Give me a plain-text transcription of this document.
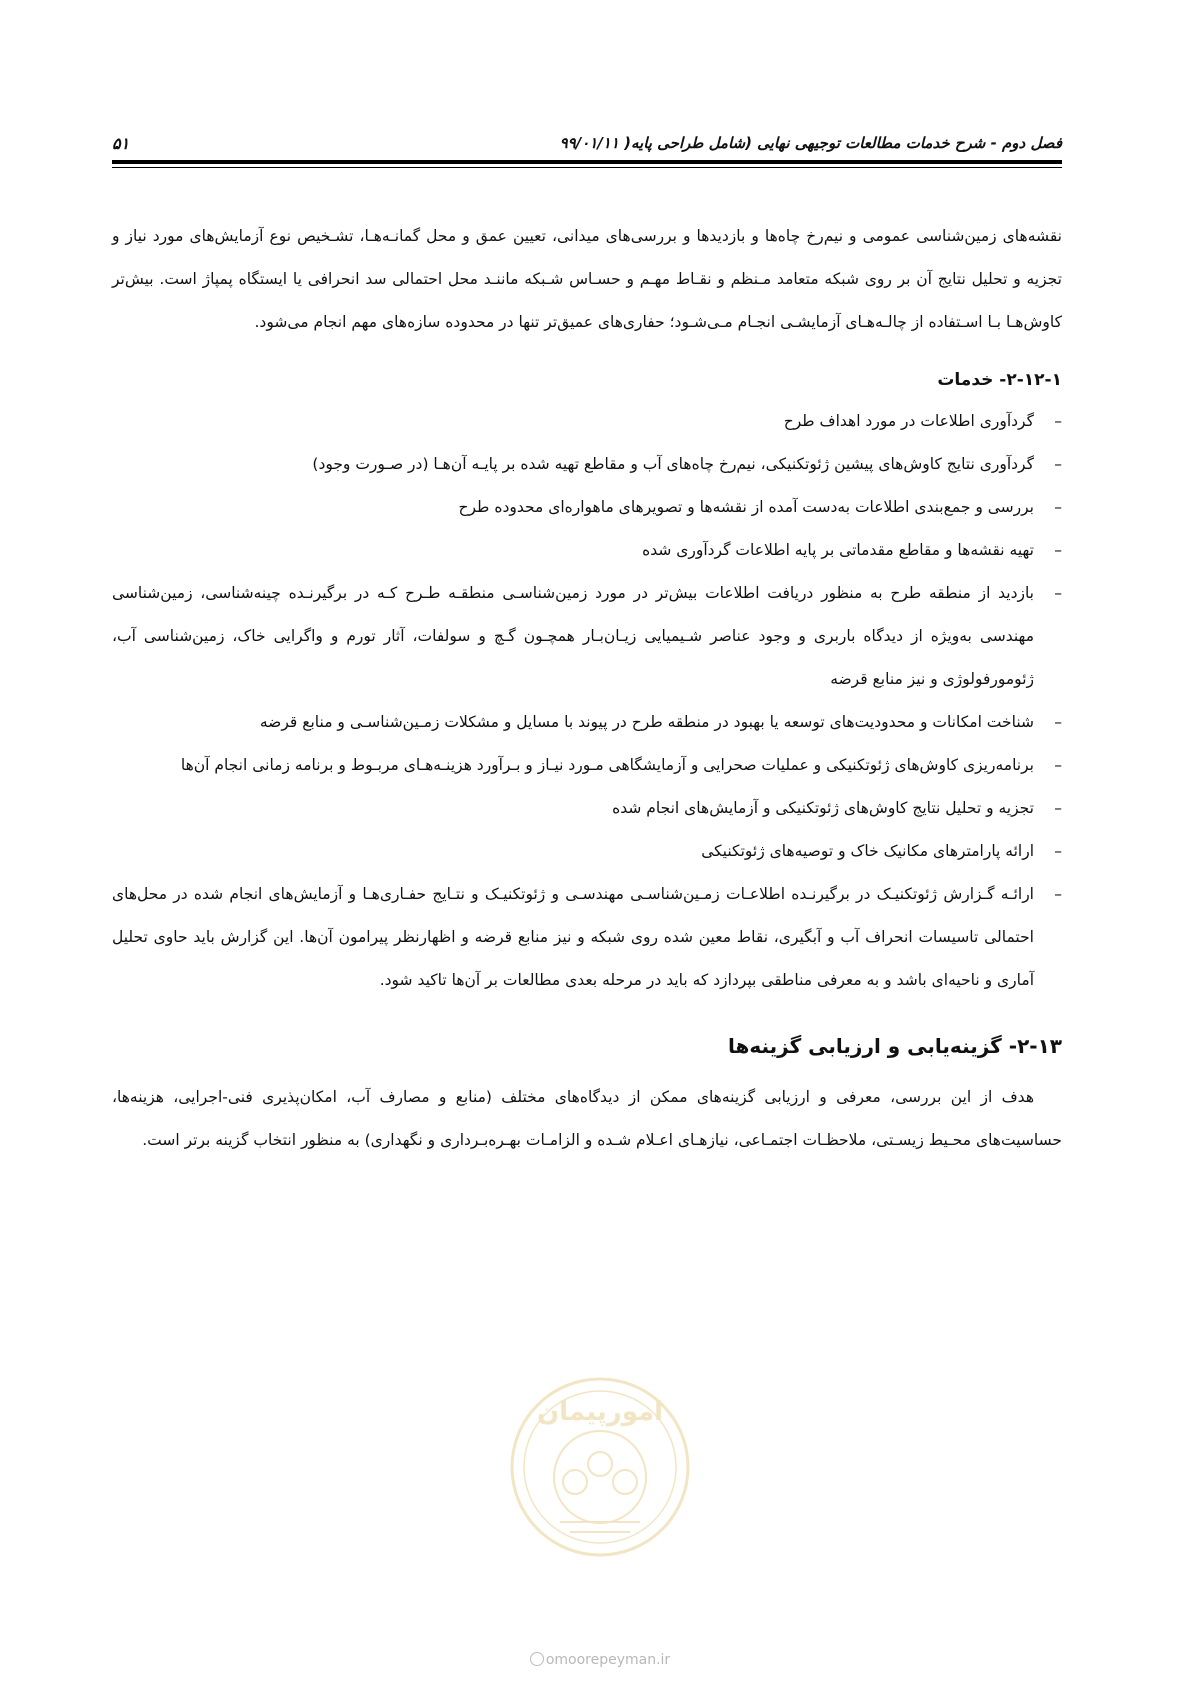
فصل دوم - شرح خدمات مطالعات توجیهی نهایی (شامل طراحی پایه( ۹۹/۰۱/۱۱
۵۱

نقشه‌های زمین‌شناسی عمومی و نیم‌رخ چاه‌ها و بازدیدها و بررسی‌های میدانی، تعیین عمق و محل گمانـه‌هـا، تشـخیص نوع آزمایش‌های مورد نیاز و تجزیه و تحلیل نتایج آن بر روی شبکه متعامد مـنظم و نقـاط مهـم و حسـاس شـبکه ماننـد محل احتمالی سد انحرافی یا ایستگاه پمپاژ است. بیش‌تر کاوش‌هـا بـا اسـتفاده از چالـه‌هـای آزمایشـی انجـام مـی‌شـود؛ حفاری‌های عمیق‌تر تنها در محدوده سازه‌های مهم انجام می‌شود.

۲-۱۲-۱- خدمات
–
گردآوری اطلاعات در مورد اهداف طرح
–
گردآوری نتایج کاوش‌های پیشین ژئوتکنیکی، نیم‌رخ چاه‌های آب و مقاطع تهیه شده بر پایـه آن‌هـا (در صـورت وجود)
–
بررسی و جمع‌بندی اطلاعات به‌دست آمده از نقشه‌ها و تصویرهای ماهواره‌ای محدوده طرح
–
تهیه نقشه‌ها و مقاطع مقدماتی بر پایه اطلاعات گردآوری شده
–
بازدید از منطقه طرح به منظور دریافت اطلاعات بیش‌تر در مورد زمین‌شناسـی منطقـه طـرح کـه در برگیرنـده چینه‌شناسی، زمین‌شناسی مهندسی به‌ویژه از دیدگاه باربری و وجود عناصر شـیمیایی زیـان‌بـار همچـون گـچ و سولفات، آثار تورم و واگرایی خاک، زمین‌شناسی آب، ژئومورفولوژی و نیز منابع قرضه
–
شناخت امکانات و محدودیت‌های توسعه یا بهبود در منطقه طرح در پیوند با مسایل و مشکلات زمـین‌شناسـی و منابع قرضه
–
برنامه‌ریزی کاوش‌های ژئوتکنیکی و عملیات صحرایی و آزمایشگاهی مـورد نیـاز و بـرآورد هزینـه‌هـای مربـوط و برنامه زمانی انجام آن‌ها
–
تجزیه و تحلیل نتایج کاوش‌های ژئوتکنیکی و آزمایش‌های انجام شده
–
ارائه پارامترهای مکانیک خاک و توصیه‌های ژئوتکنیکی
–
ارائـه گـزارش ژئوتکنیـک در برگیرنـده اطلاعـات زمـین‌شناسـی مهندسـی و ژئوتکنیـک و نتـایج حفـاری‌هـا و آزمایش‌های انجام شده در محل‌های احتمالی تاسیسات انحراف آب و آبگیری، نقاط معین شده روی شبکه و نیز منابع قرضه و اظهارنظر پیرامون آن‌ها. این گزارش باید حاوی تحلیل آماری و ناحیه‌ای باشد و به معرفی مناطقی بپردازد که باید در مرحله بعدی مطالعات بر آن‌ها تاکید شود.
۲-۱۳- گزینه‌یابی و ارزیابی گزینه‌ها

هدف از این بررسی، معرفی و ارزیابی گزینه‌های ممکن از دیدگاه‌های مختلف (منابع و مصارف آب، امکان‌پذیری فنی-اجرایی، هزینه‌ها، حساسیت‌های محـیط زیسـتی، ملاحظـات اجتمـاعی، نیازهـای اعـلام شـده و الزامـات بهـره‌بـرداری و نگهداری) به منظور انتخاب گزینه برتر است.

امورپیمان
omoorepeyman.ir
